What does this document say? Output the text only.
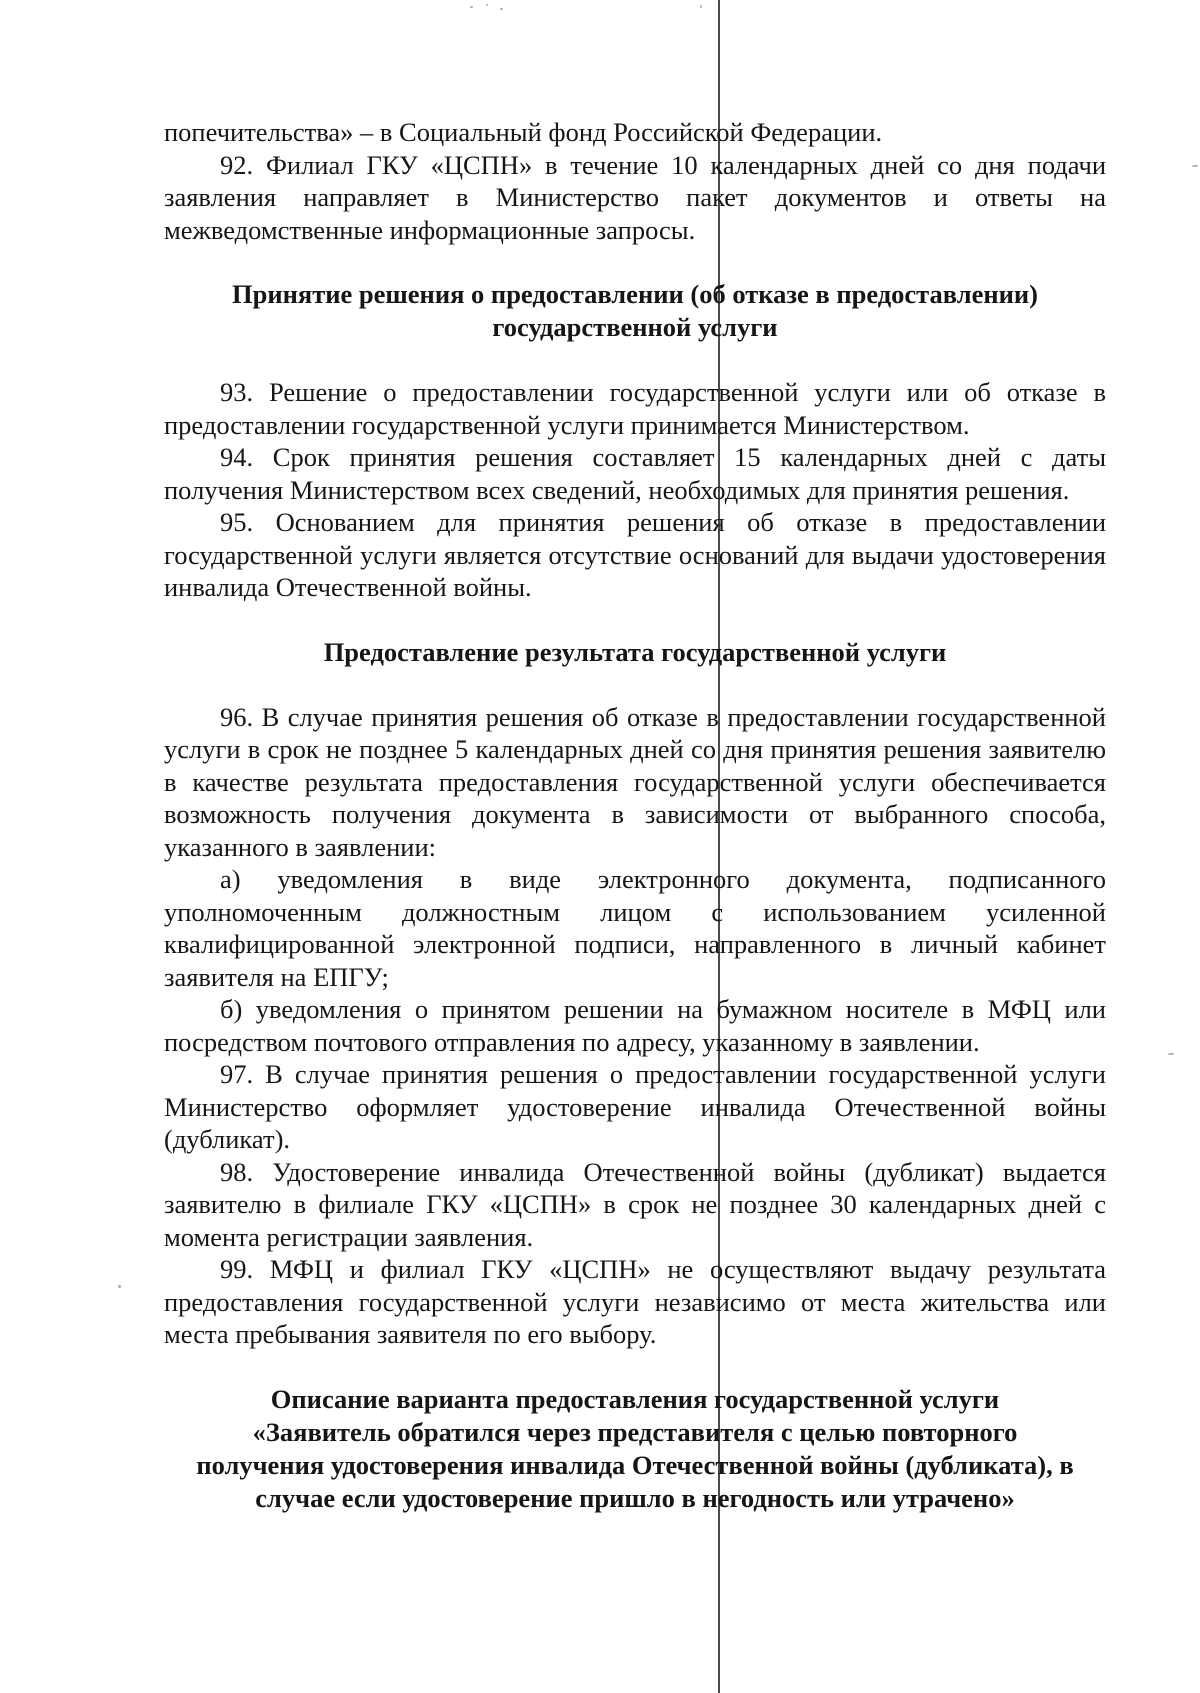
попечительства» – в Социальный фонд Российской Федерации.

92. Филиал ГКУ «ЦСПН» в течение 10 календарных дней со дня подачи заявления направляет в Министерство пакет документов и ответы на межведомственные информационные запросы.

Принятие решения о предоставлении (об отказе в предоставлении)
государственной услуги

93. Решение о предоставлении государственной услуги или об отказе в предоставлении государственной услуги принимается Министерством.

94. Срок принятия решения составляет 15 календарных дней с даты получения Министерством всех сведений, необходимых для принятия решения.

95. Основанием для принятия решения об отказе в предоставлении государственной услуги является отсутствие оснований для выдачи удостоверения инвалида Отечественной войны.

Предоставление результата государственной услуги

96. В случае принятия решения об отказе в предоставлении государственной услуги в срок не позднее 5 календарных дней со дня принятия решения заявителю в качестве результата предоставления государственной услуги обеспечивается возможность получения документа в зависимости от выбранного способа, указанного в заявлении:

а) уведомления в виде электронного документа, подписанного уполномоченным должностным лицом с использованием усиленной квалифицированной электронной подписи, направленного в личный кабинет заявителя на ЕПГУ;

б) уведомления о принятом решении на бумажном носителе в МФЦ или посредством почтового отправления по адресу, указанному в заявлении.

97. В случае принятия решения о предоставлении государственной услуги Министерство оформляет удостоверение инвалида Отечественной войны (дубликат).

98. Удостоверение инвалида Отечественной войны (дубликат) выдается заявителю в филиале ГКУ «ЦСПН» в срок не позднее 30 календарных дней с момента регистрации заявления.

99. МФЦ и филиал ГКУ «ЦСПН» не осуществляют выдачу результата предоставления государственной услуги независимо от места жительства или места пребывания заявителя по его выбору.

Описание варианта предоставления государственной услуги
«Заявитель обратился через представителя с целью повторного
получения удостоверения инвалида Отечественной войны (дубликата), в
случае если удостоверение пришло в негодность или утрачено»
